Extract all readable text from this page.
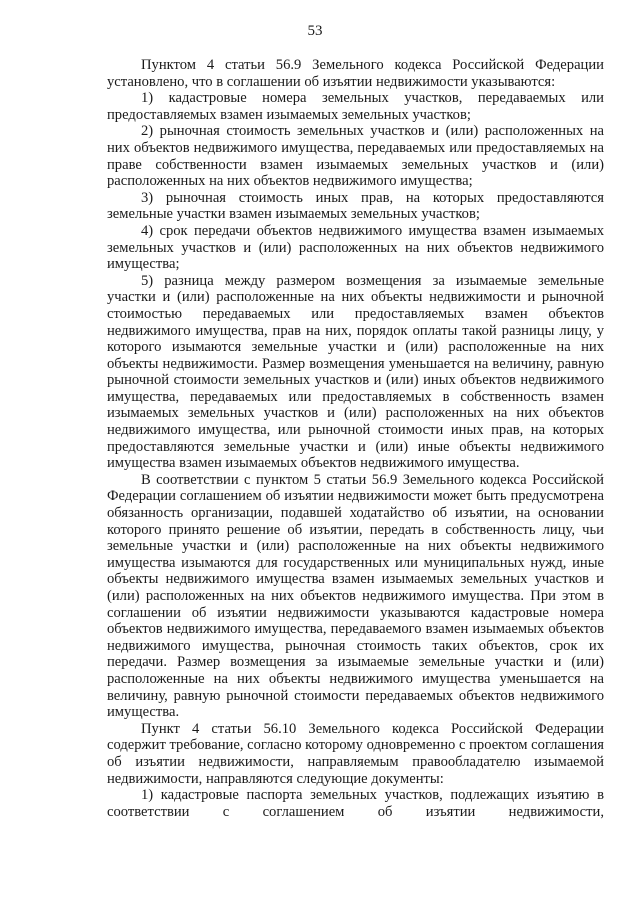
53

Пунктом 4 статьи 56.9 Земельного кодекса Российской Федерации установлено, что в соглашении об изъятии недвижимости указываются:

1) кадастровые номера земельных участков, передаваемых или предоставляемых взамен изымаемых земельных участков;

2) рыночная стоимость земельных участков и (или) расположенных на них объектов недвижимого имущества, передаваемых или предоставляемых на праве собственности взамен изымаемых земельных участков и (или) расположенных на них объектов недвижимого имущества;

3) рыночная стоимость иных прав, на которых предоставляются земельные участки взамен изымаемых земельных участков;

4) срок передачи объектов недвижимого имущества взамен изымаемых земельных участков и (или) расположенных на них объектов недвижимого имущества;

5) разница между размером возмещения за изымаемые земельные участки и (или) расположенные на них объекты недвижимости и рыночной стоимостью передаваемых или предоставляемых взамен объектов недвижимого имущества, прав на них, порядок оплаты такой разницы лицу, у которого изымаются земельные участки и (или) расположенные на них объекты недвижимости. Размер возмещения уменьшается на величину, равную рыночной стоимости земельных участков и (или) иных объектов недвижимого имущества, передаваемых или предоставляемых в собственность взамен изымаемых земельных участков и (или) расположенных на них объектов недвижимого имущества, или рыночной стоимости иных прав, на которых предоставляются земельные участки и (или) иные объекты недвижимого имущества взамен изымаемых объектов недвижимого имущества.

В соответствии с пунктом 5 статьи 56.9 Земельного кодекса Российской Федерации соглашением об изъятии недвижимости может быть предусмотрена обязанность организации, подавшей ходатайство об изъятии, на основании которого принято решение об изъятии, передать в собственность лицу, чьи земельные участки и (или) расположенные на них объекты недвижимого имущества изымаются для государственных или муниципальных нужд, иные объекты недвижимого имущества взамен изымаемых земельных участков и (или) расположенных на них объектов недвижимого имущества. При этом в соглашении об изъятии недвижимости указываются кадастровые номера объектов недвижимого имущества, передаваемого взамен изымаемых объектов недвижимого имущества, рыночная стоимость таких объектов, срок их передачи. Размер возмещения за изымаемые земельные участки и (или) расположенные на них объекты недвижимого имущества уменьшается на величину, равную рыночной стоимости передаваемых объектов недвижимого имущества.

Пункт 4 статьи 56.10 Земельного кодекса Российской Федерации содержит требование, согласно которому одновременно с проектом соглашения об изъятии недвижимости, направляемым правообладателю изымаемой недвижимости, направляются следующие документы:

1) кадастровые паспорта земельных участков, подлежащих изъятию в соответствии с соглашением об изъятии недвижимости,
